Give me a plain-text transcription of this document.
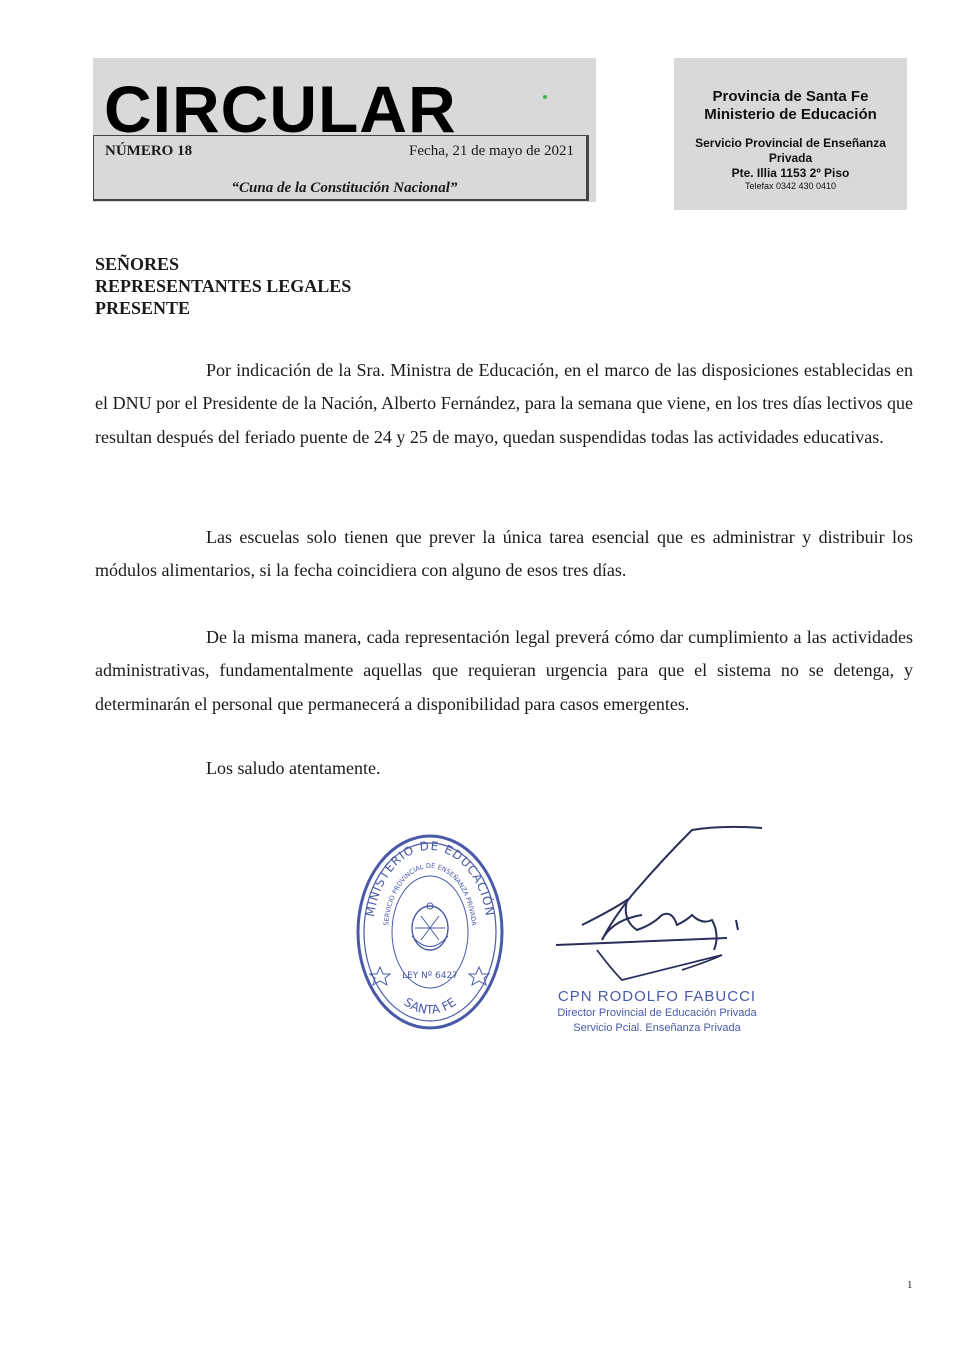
CIRCULAR
NÚMERO 18	Fecha, 21 de mayo de 2021
“Cuna de la Constitución Nacional”
Provincia de Santa Fe
Ministerio de Educación
Servicio Provincial de Enseñanza Privada
Pte. Illia 1153 2º Piso
Telefax 0342 430 0410
SEÑORES
REPRESENTANTES LEGALES
PRESENTE

Por indicación de la Sra. Ministra de Educación, en el marco de las disposiciones establecidas en el DNU por el Presidente de la Nación, Alberto Fernández, para la semana que viene, en los tres días lectivos que resultan después del feriado puente de 24 y 25 de mayo, quedan suspendidas todas las actividades educativas.

Las escuelas solo tienen que prever la única tarea esencial que es administrar y distribuir los módulos alimentarios, si la fecha coincidiera con alguno de esos tres días.

De la misma manera, cada representación legal preverá cómo dar cumplimiento a las actividades administrativas, fundamentalmente aquellas que requieran urgencia para que el sistema no se detenga, y determinarán el personal que permanecerá a disponibilidad para casos emergentes.

Los saludo atentamente.
MINISTERIO DE EDUCACIÓN
SERVICIO PROVINCIAL DE ENSEÑANZA PRIVADA
SANTA FE
LEY Nº 6427
CPN RODOLFO FABUCCI
Director Provincial de Educación Privada
Servicio Pcial. Enseñanza Privada
1
